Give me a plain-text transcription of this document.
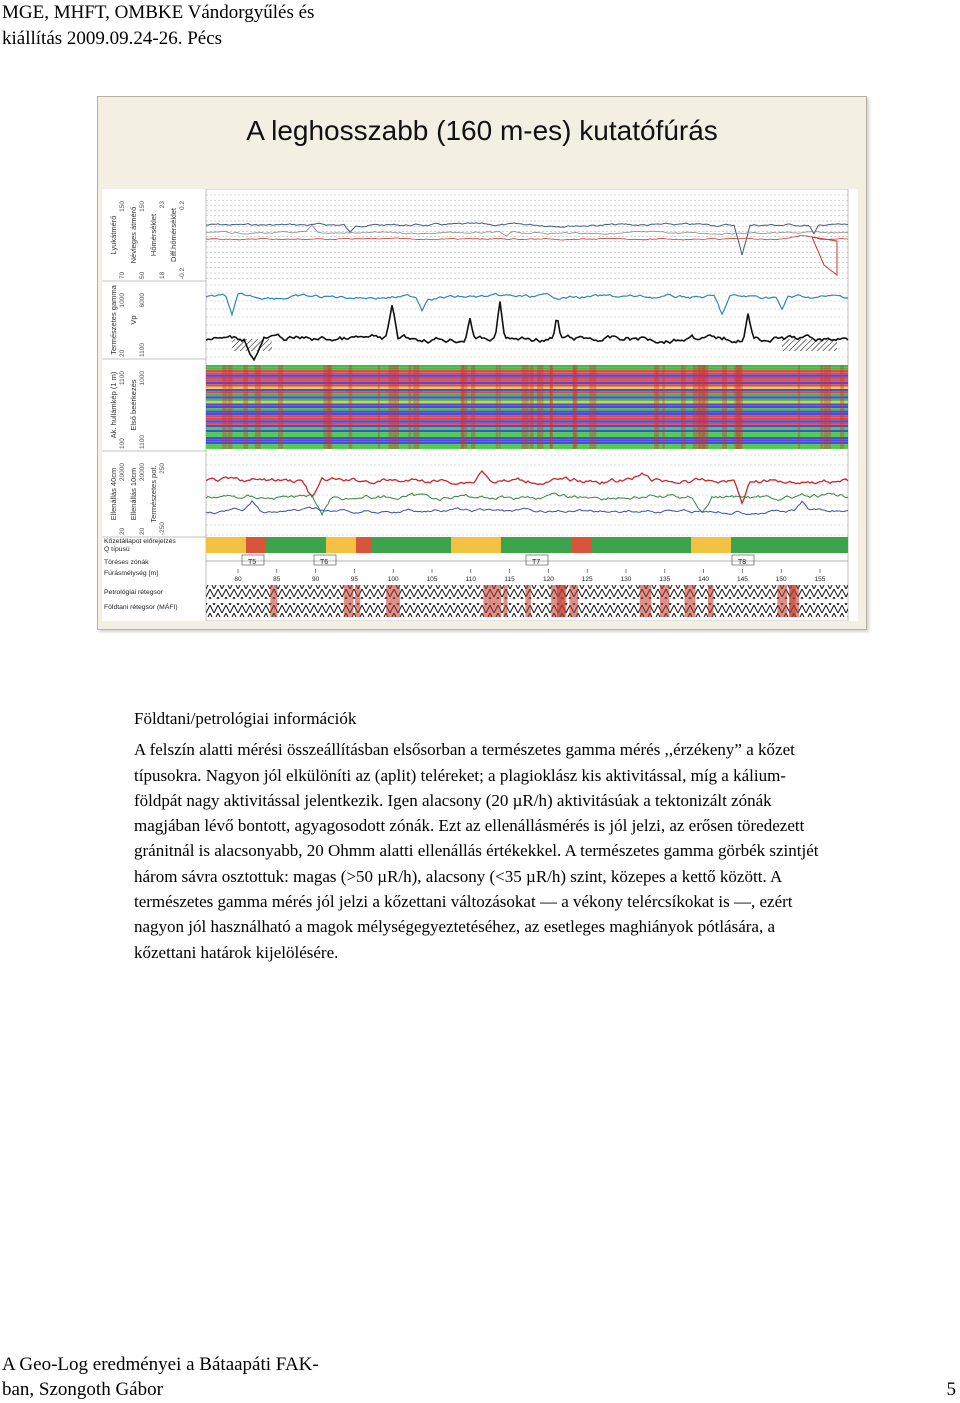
MGE, MHFT, OMBKE Vándorgyűlés és
kiállítás 2009.09.24-26. Pécs
A leghosszabb (160 m-es) kutatófúrás
Lyukátmérő
70
150
Névleges átmérő
50
150
Hőmérséklet
18
23
Diff.hőmérséklet
-0.2
0.2
Természetes gamma 20
1000
Vp
1100
6000
Ak. hullámkép (1 m)
100
1100
Első beérkezés
1100
1000
Ellenállás 40cm
20
20000 Ellenállás 10cm
20
20000 Természetes pot.
-250
250
Kőzetállapot előrejelzés
Q típusú
Töréses zónák
Fúrásmélység [m]
Petrológiai rétegsor
Földtani rétegsor (MÁFI)
T5	T6	T7	T8
80	85	90	95	100	105	110	115	120	125	130	135	140	145	150	155

Földtani/petrológiai információk

A felszín alatti mérési összeállításban elsősorban a természetes gamma mérés ,,érzékeny” a kőzet típusokra. Nagyon jól elkülöníti az (aplit) teléreket; a plagioklász kis aktivitással, míg a kálium-földpát nagy aktivitással jelentkezik. Igen alacsony (20 µR/h) aktivitásúak a tektonizált zónák magjában lévő bontott, agyagosodott zónák. Ezt az ellenállásmérés is jól jelzi, az erősen töredezett gránitnál is alacsonyabb, 20 Ohmm alatti ellenállás értékekkel. A természetes gamma görbék szintjét három sávra osztottuk: magas (>50 µR/h), alacsony (<35 µR/h) szint, közepes a kettő között. A természetes gamma mérés jól jelzi a kőzettani változásokat — a vékony telércsíkokat is —, ezért nagyon jól használható a magok mélységegyeztetéséhez, az esetleges maghiányok pótlására, a kőzettani határok kijelölésére.

A Geo-Log eredményei a Bátaapáti FAK-
ban, Szongoth Gábor	5
